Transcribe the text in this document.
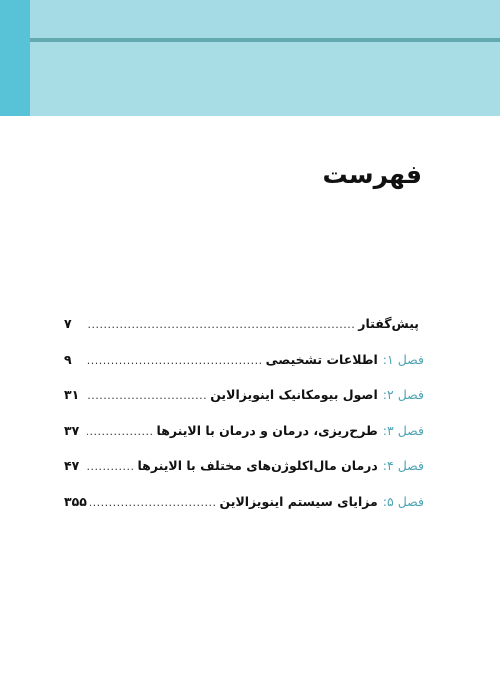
فهرست
پیش‌گفتار
.....
۷
فصل ۱:
اطلاعات تشخیصی
.....
۹
فصل ۲:
اصول بیومکانیک اینویزالاین
.....
۳۱
فصل ۳:
طرح‌ریزی، درمان و درمان با الاینرها
.....
۳۷
فصل ۴:
درمان مال‌اکلوژن‌های مختلف با الاینرها
.....
۴۷
فصل ۵:
مزایای سیستم اینویزالاین
.....
۳۵۵
